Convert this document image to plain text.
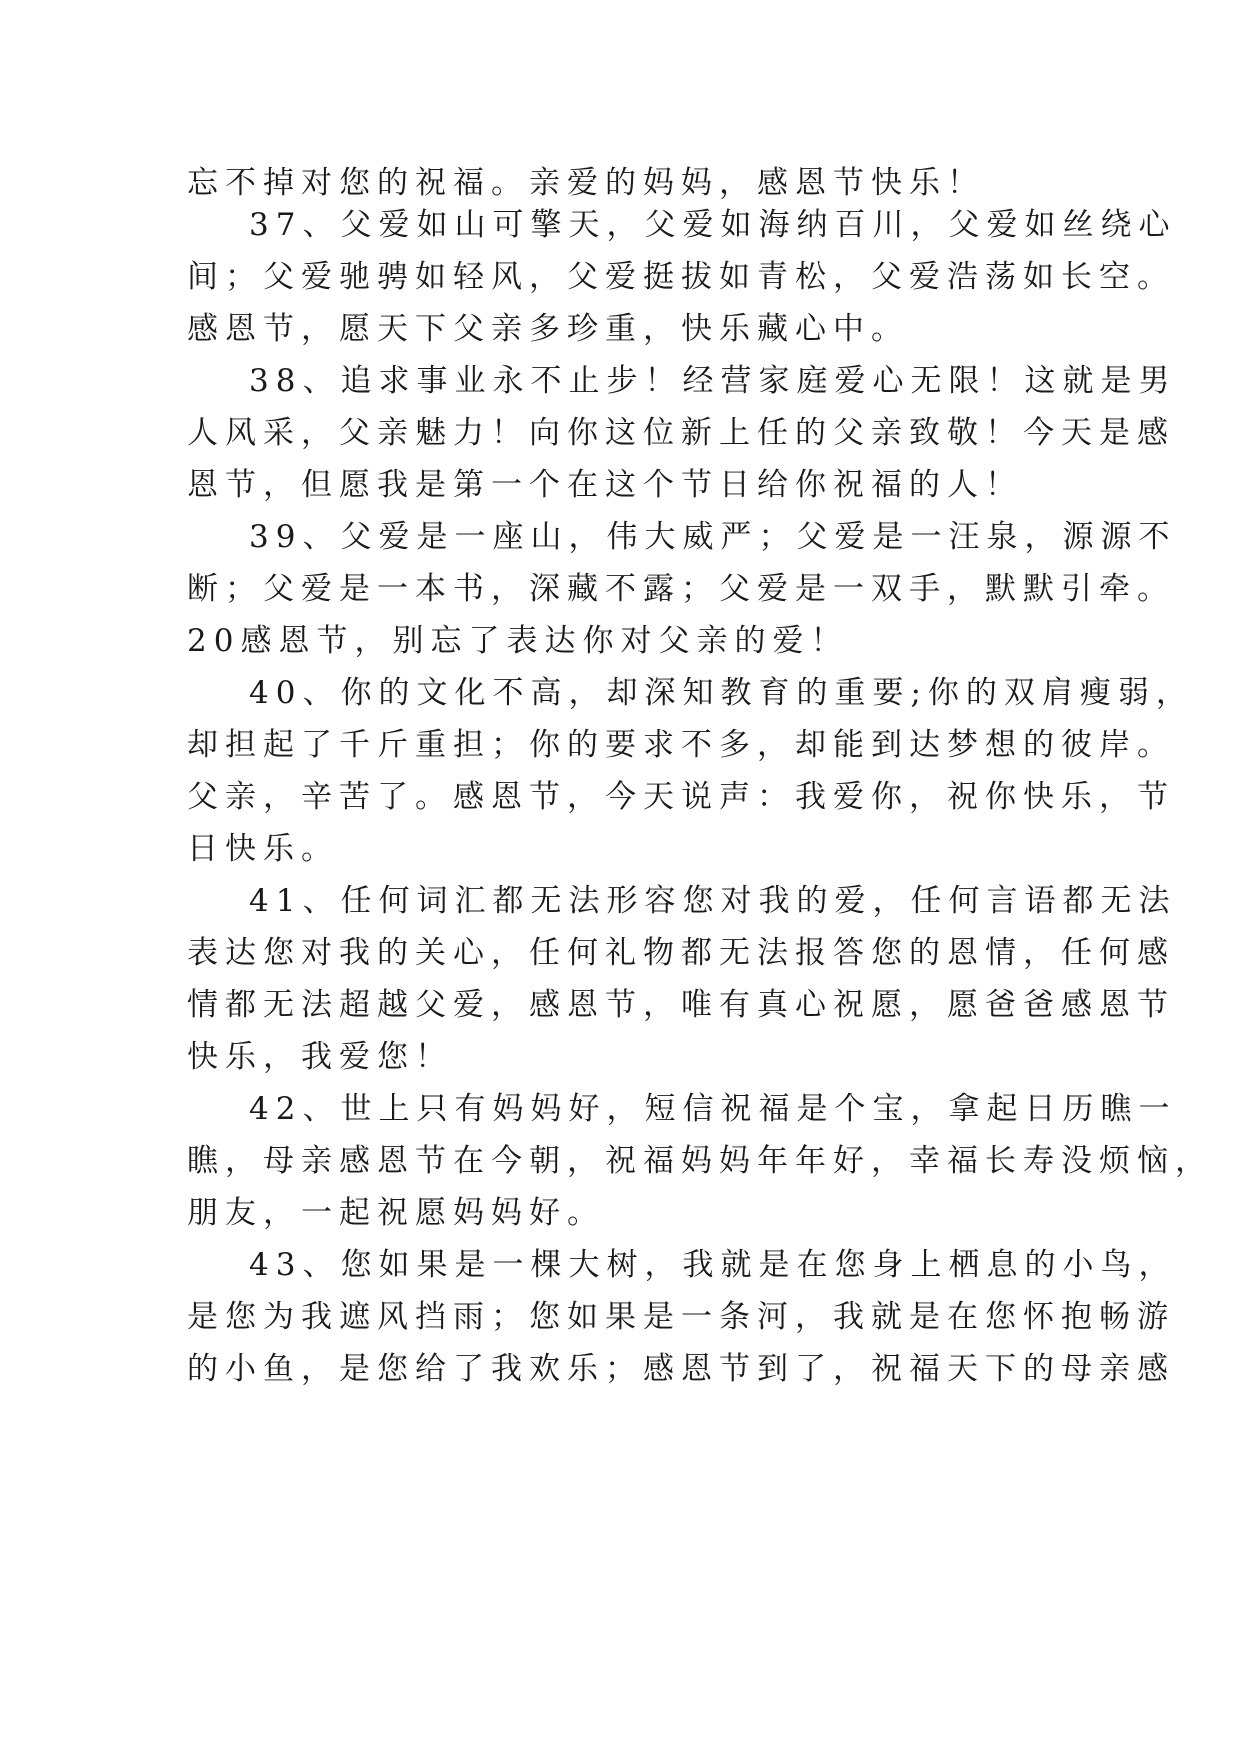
忘不掉对您的祝福。亲爱的妈妈，感恩节快乐！
37、父爱如山可擎天，父爱如海纳百川，父爱如丝绕心
间；父爱驰骋如轻风，父爱挺拔如青松，父爱浩荡如长空。
感恩节，愿天下父亲多珍重，快乐藏心中。
38、追求事业永不止步！经营家庭爱心无限！这就是男
人风采，父亲魅力！向你这位新上任的父亲致敬！今天是感
恩节，但愿我是第一个在这个节日给你祝福的人！
39、父爱是一座山，伟大威严；父爱是一汪泉，源源不
断；父爱是一本书，深藏不露；父爱是一双手，默默引牵。
20感恩节，别忘了表达你对父亲的爱！
40、你的文化不高，却深知教育的重要;你的双肩瘦弱，
却担起了千斤重担；你的要求不多，却能到达梦想的彼岸。
父亲，辛苦了。感恩节，今天说声：我爱你，祝你快乐，节
日快乐。
41、任何词汇都无法形容您对我的爱，任何言语都无法
表达您对我的关心，任何礼物都无法报答您的恩情，任何感
情都无法超越父爱，感恩节，唯有真心祝愿，愿爸爸感恩节
快乐，我爱您！
42、世上只有妈妈好，短信祝福是个宝，拿起日历瞧一
瞧，母亲感恩节在今朝，祝福妈妈年年好，幸福长寿没烦恼，
朋友，一起祝愿妈妈好。
43、您如果是一棵大树，我就是在您身上栖息的小鸟，
是您为我遮风挡雨；您如果是一条河，我就是在您怀抱畅游
的小鱼，是您给了我欢乐；感恩节到了，祝福天下的母亲感
